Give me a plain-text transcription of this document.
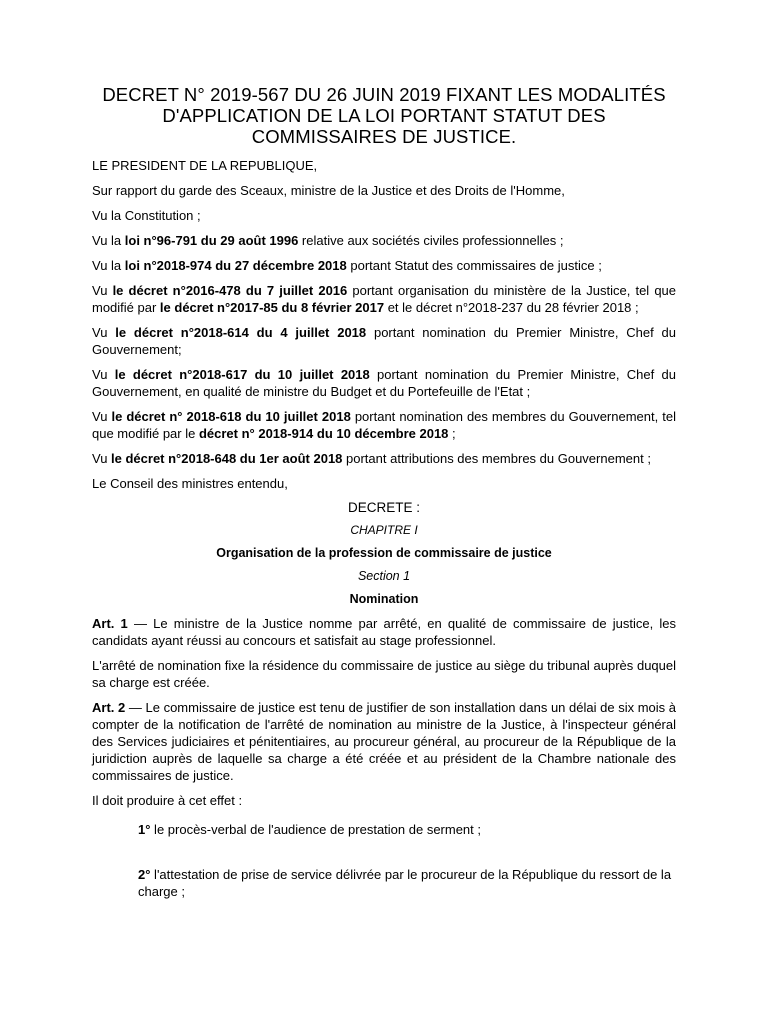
DECRET N° 2019-567 DU 26 JUIN 2019 FIXANT LES MODALITÉS D'APPLICATION DE LA LOI PORTANT STATUT DES COMMISSAIRES DE JUSTICE.

LE PRESIDENT DE LA REPUBLIQUE,

Sur rapport du garde des Sceaux, ministre de la Justice et des Droits de l'Homme,

Vu la Constitution ;

Vu la loi n°96-791 du 29 août 1996 relative aux sociétés civiles professionnelles ;

Vu la loi n°2018-974 du 27 décembre 2018 portant Statut des commissaires de justice ;

Vu le décret n°2016-478 du 7 juillet 2016 portant organisation du ministère de la Justice, tel que modifié par le décret n°2017-85 du 8 février 2017 et le décret n°2018-237 du 28 février 2018 ;

Vu le décret n°2018-614 du 4 juillet 2018 portant nomination du Premier Ministre, Chef du Gouvernement;

Vu le décret n°2018-617 du 10 juillet 2018 portant nomination du Premier Ministre, Chef du Gouvernement, en qualité de ministre du Budget et du Portefeuille de l'Etat ;

Vu le décret n° 2018-618 du 10 juillet 2018 portant nomination des membres du Gouvernement, tel que modifié par le décret n° 2018-914 du 10 décembre 2018 ;

Vu le décret n°2018-648 du 1er août 2018 portant attributions des membres du Gouvernement ;

Le Conseil des ministres entendu,

DECRETE :
CHAPITRE I
Organisation de la profession de commissaire de justice
Section 1
Nomination

Art. 1 — Le ministre de la Justice nomme par arrêté, en qualité de commissaire de justice, les candidats ayant réussi au concours et satisfait au stage professionnel.

L'arrêté de nomination fixe la résidence du commissaire de justice au siège du tribunal auprès duquel sa charge est créée.

Art. 2 — Le commissaire de justice est tenu de justifier de son installation dans un délai de six mois à compter de la notification de l'arrêté de nomination au ministre de la Justice, à l'inspecteur général des Services judiciaires et pénitentiaires, au procureur général, au procureur de la République de la juridiction auprès de laquelle sa charge a été créée et au président de la Chambre nationale des commissaires de justice.

Il doit produire à cet effet :

1° le procès-verbal de l'audience de prestation de serment ;

2° l'attestation de prise de service délivrée par le procureur de la République du ressort de la charge ;
